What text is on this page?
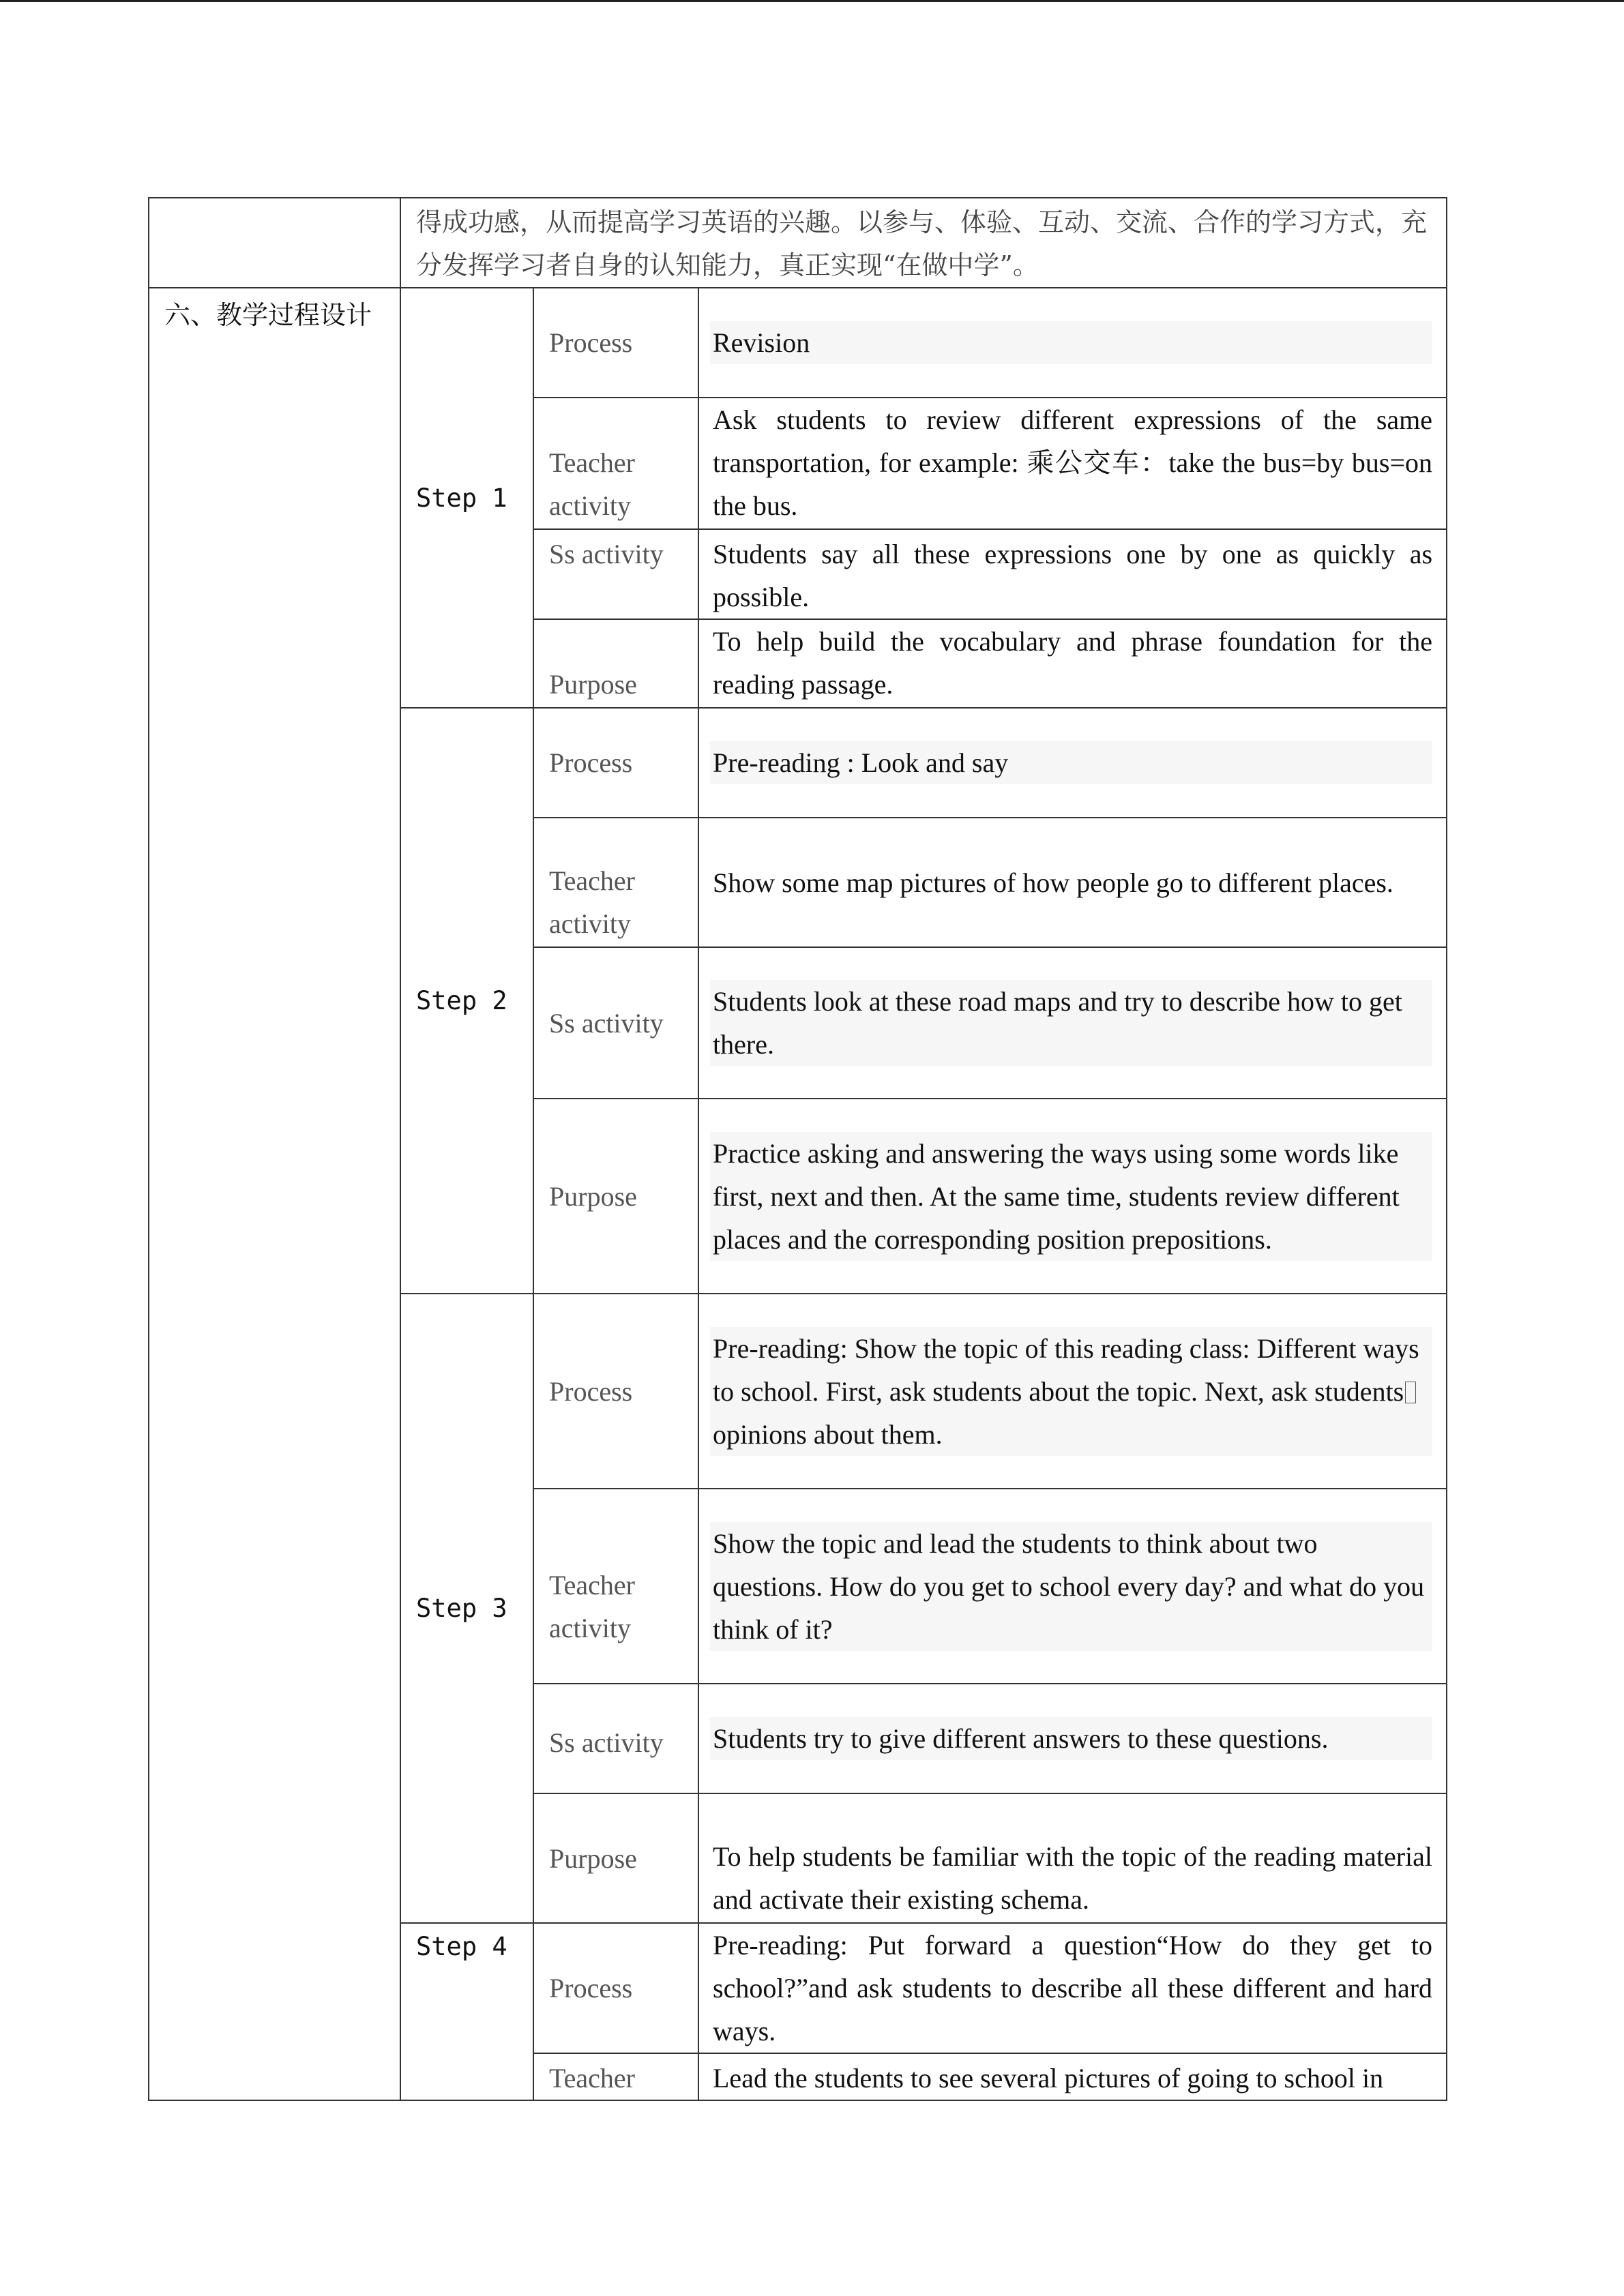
	得成功感，从而提高学习英语的兴趣。以参与、体验、互动、交流、合作的学习方式，充分发挥学习者自身的认知能力，真正实现“在做中学”。		
六、教学过程设计	Step 1	Process	Revision

		Teacher activity	Ask students to review different expressions of the same transportation, for example: 乘公交车：take the bus=by bus=on the bus.
		Ss activity	Students say all these expressions one by one as quickly as possible.
		Purpose	To help build the vocabulary and phrase foundation for the reading passage.
	Step 2	Process	Pre-reading : Look and say

		Teacher activity	Show some map pictures of how people go to different places.
		Ss activity	Students look at these road maps and try to describe how to get there.

		Purpose	Practice asking and answering the ways using some words like first, next and then. At the same time, students review different places and the corresponding position prepositions.

	Step 3	Process	Pre-reading: Show the topic of this reading class: Different ways to school. First, ask students about the topic. Next, ask studentsopinions about them.

		Teacher activity	Show the topic and lead the students to think about two questions. How do you get to school every day? and what do you think of it?

		Ss activity	Students try to give different answers to these questions.

		Purpose	To help students be familiar with the topic of the reading material and activate their existing schema.
	Step 4	Process	Pre-reading: Put forward a question“How do they get to school?”and ask students to describe all these different and hard ways.
		Teacher	Lead the students to see several pictures of going to school in
